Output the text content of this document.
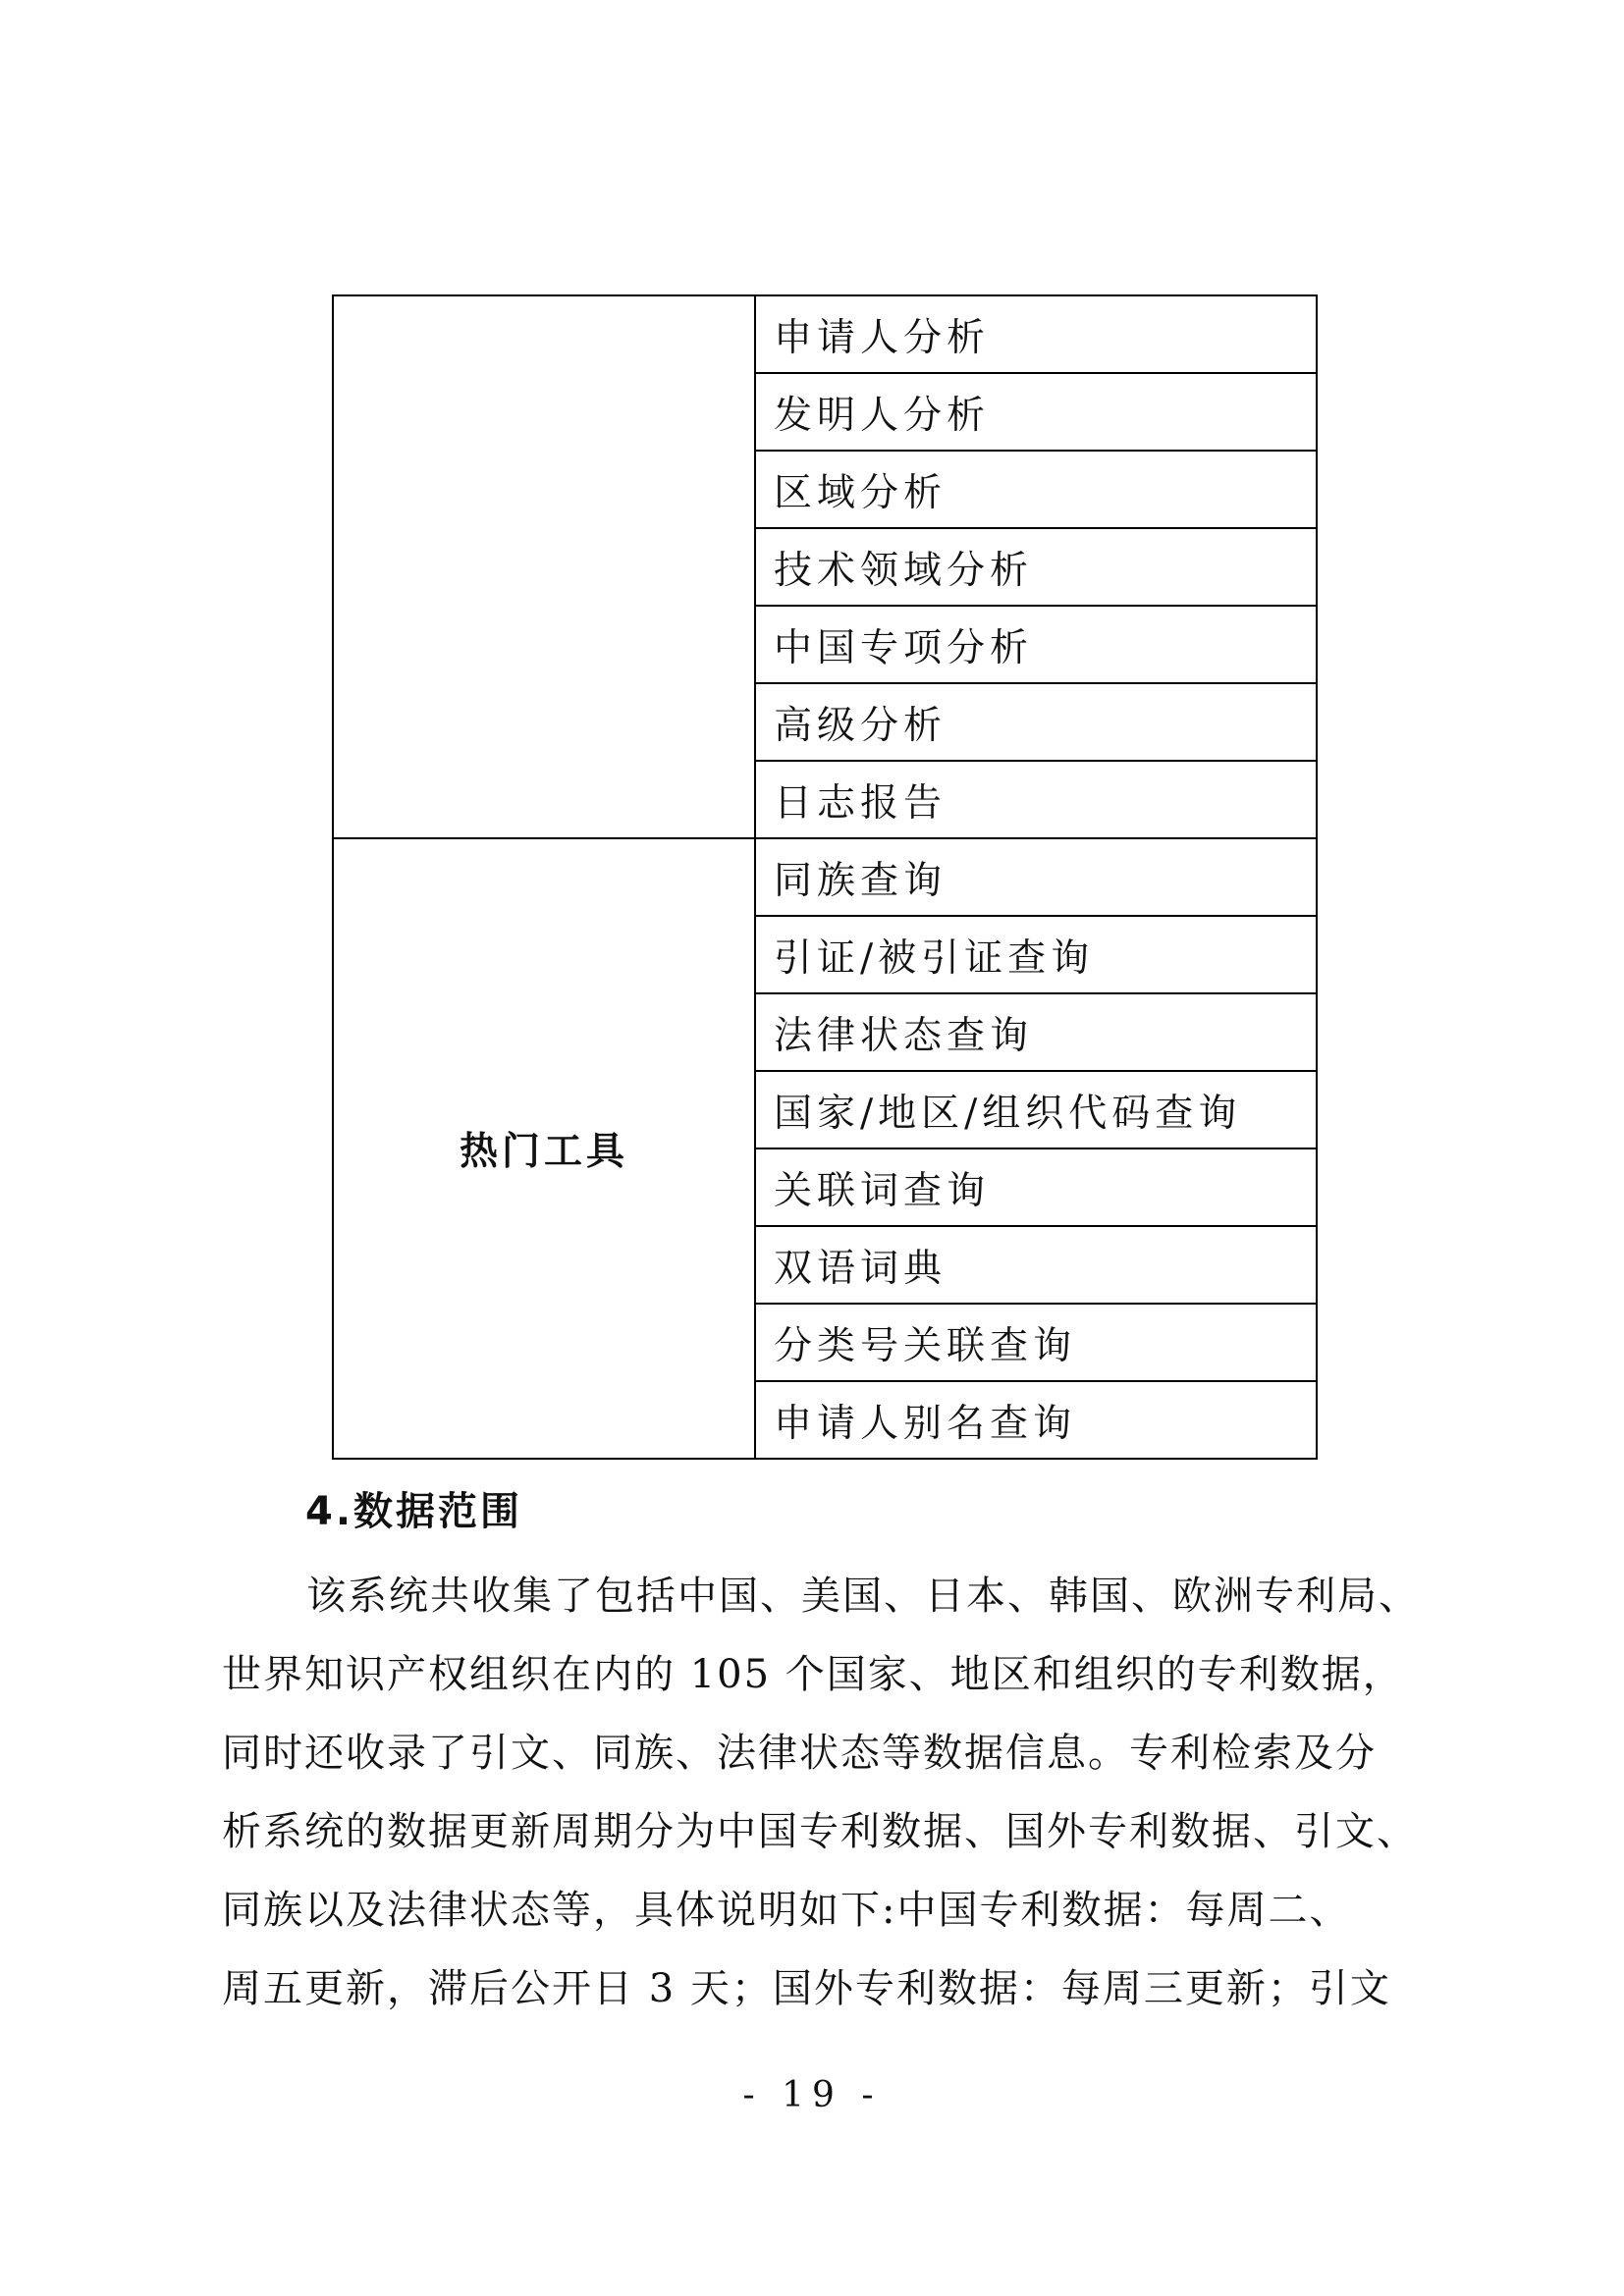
	申请人分析
	发明人分析
	区域分析
	技术领域分析
	中国专项分析
	高级分析
	日志报告
热门工具	同族查询
	引证/被引证查询
	法律状态查询
	国家/地区/组织代码查询
	关联词查询
	双语词典
	分类号关联查询
	申请人别名查询
4.数据范围

该系统共收集了包括中国、美国、日本、韩国、欧洲专利局、
世界知识产权组织在内的 105 个国家、地区和组织的专利数据，
同时还收录了引文、同族、法律状态等数据信息。专利检索及分
析系统的数据更新周期分为中国专利数据、国外专利数据、引文、
同族以及法律状态等，具体说明如下:中国专利数据：每周二、
周五更新，滞后公开日 3 天；国外专利数据：每周三更新；引文

- 19 -
